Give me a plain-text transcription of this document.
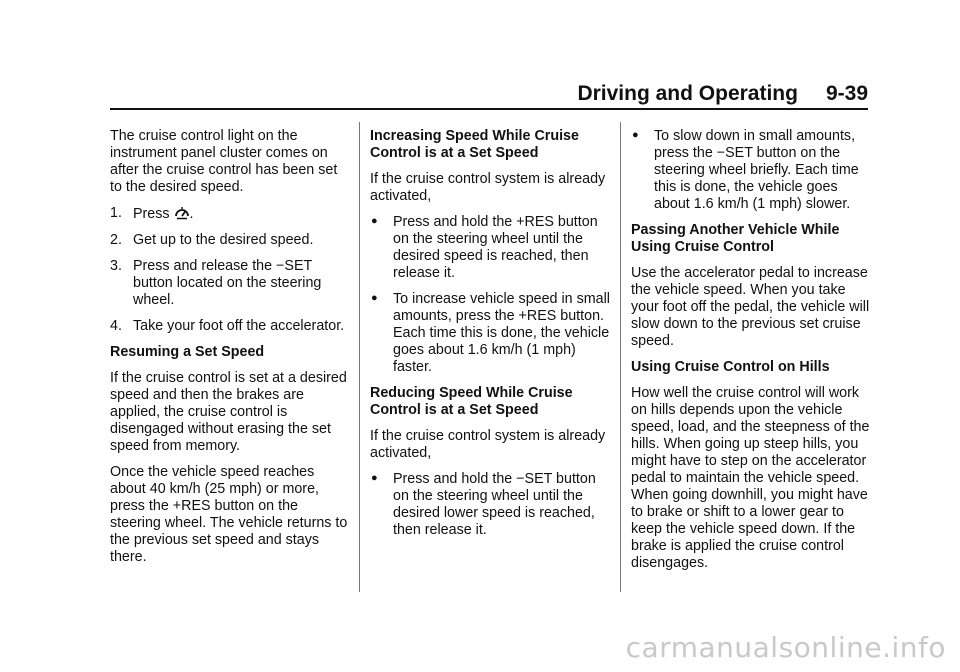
Driving and Operating 9-39

The cruise control light on the instrument panel cluster comes on after the cruise control has been set to the desired speed.

1. Press .
2. Get up to the desired speed.
3. Press and release the −SET button located on the steering wheel.
4. Take your foot off the accelerator.

Resuming a Set Speed

If the cruise control is set at a desired speed and then the brakes are applied, the cruise control is disengaged without erasing the set speed from memory.

Once the vehicle speed reaches about 40 km/h (25 mph) or more, press the +RES button on the steering wheel. The vehicle returns to the previous set speed and stays there.

Increasing Speed While Cruise Control is at a Set Speed

If the cruise control system is already activated,

● Press and hold the +RES button on the steering wheel until the desired speed is reached, then release it.
● To increase vehicle speed in small amounts, press the +RES button. Each time this is done, the vehicle goes about 1.6 km/h (1 mph) faster.

Reducing Speed While Cruise Control is at a Set Speed

If the cruise control system is already activated,

● Press and hold the −SET button on the steering wheel until the desired lower speed is reached, then release it.
● To slow down in small amounts, press the −SET button on the steering wheel briefly. Each time this is done, the vehicle goes about 1.6 km/h (1 mph) slower.

Passing Another Vehicle While Using Cruise Control

Use the accelerator pedal to increase the vehicle speed. When you take your foot off the pedal, the vehicle will slow down to the previous set cruise speed.

Using Cruise Control on Hills

How well the cruise control will work on hills depends upon the vehicle speed, load, and the steepness of the hills. When going up steep hills, you might have to step on the accelerator pedal to maintain the vehicle speed. When going downhill, you might have to brake or shift to a lower gear to keep the vehicle speed down. If the brake is applied the cruise control disengages.

carmanualsonline.info
